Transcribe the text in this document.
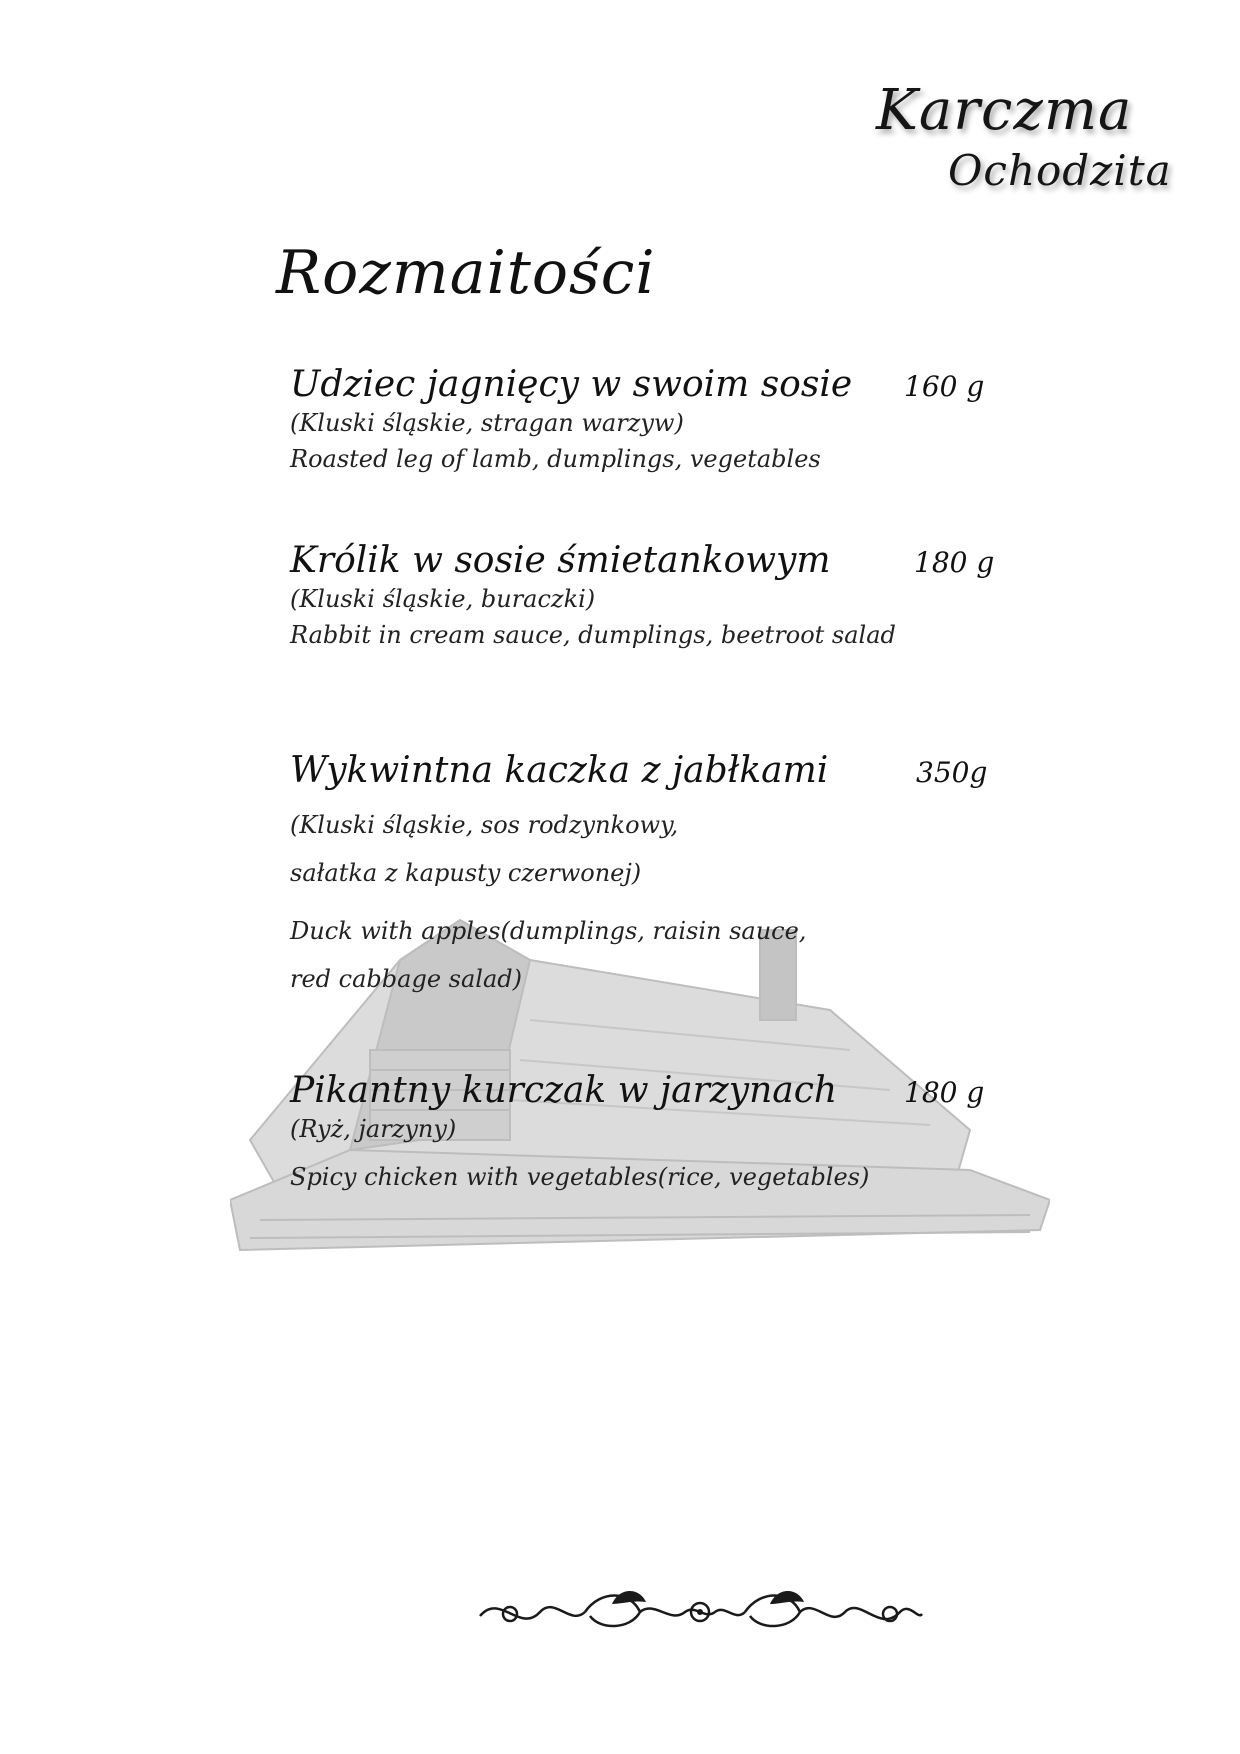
Karczma
Ochodzita
Rozmaitości
Udziec jagnięcy w swoim sosie	160 g
(Kluski śląskie, stragan warzyw)
Roasted leg of lamb, dumplings, vegetables
Królik w sosie śmietankowym	180 g
(Kluski śląskie, buraczki)
Rabbit in cream sauce, dumplings, beetroot salad
Wykwintna kaczka z jabłkami	350g
(Kluski śląskie, sos rodzynkowy,
sałatka z kapusty czerwonej)
Duck with apples(dumplings, raisin sauce,
red cabbage salad)
Pikantny kurczak w jarzynach	180 g
(Ryż, jarzyny)
Spicy chicken with vegetables(rice, vegetables)
